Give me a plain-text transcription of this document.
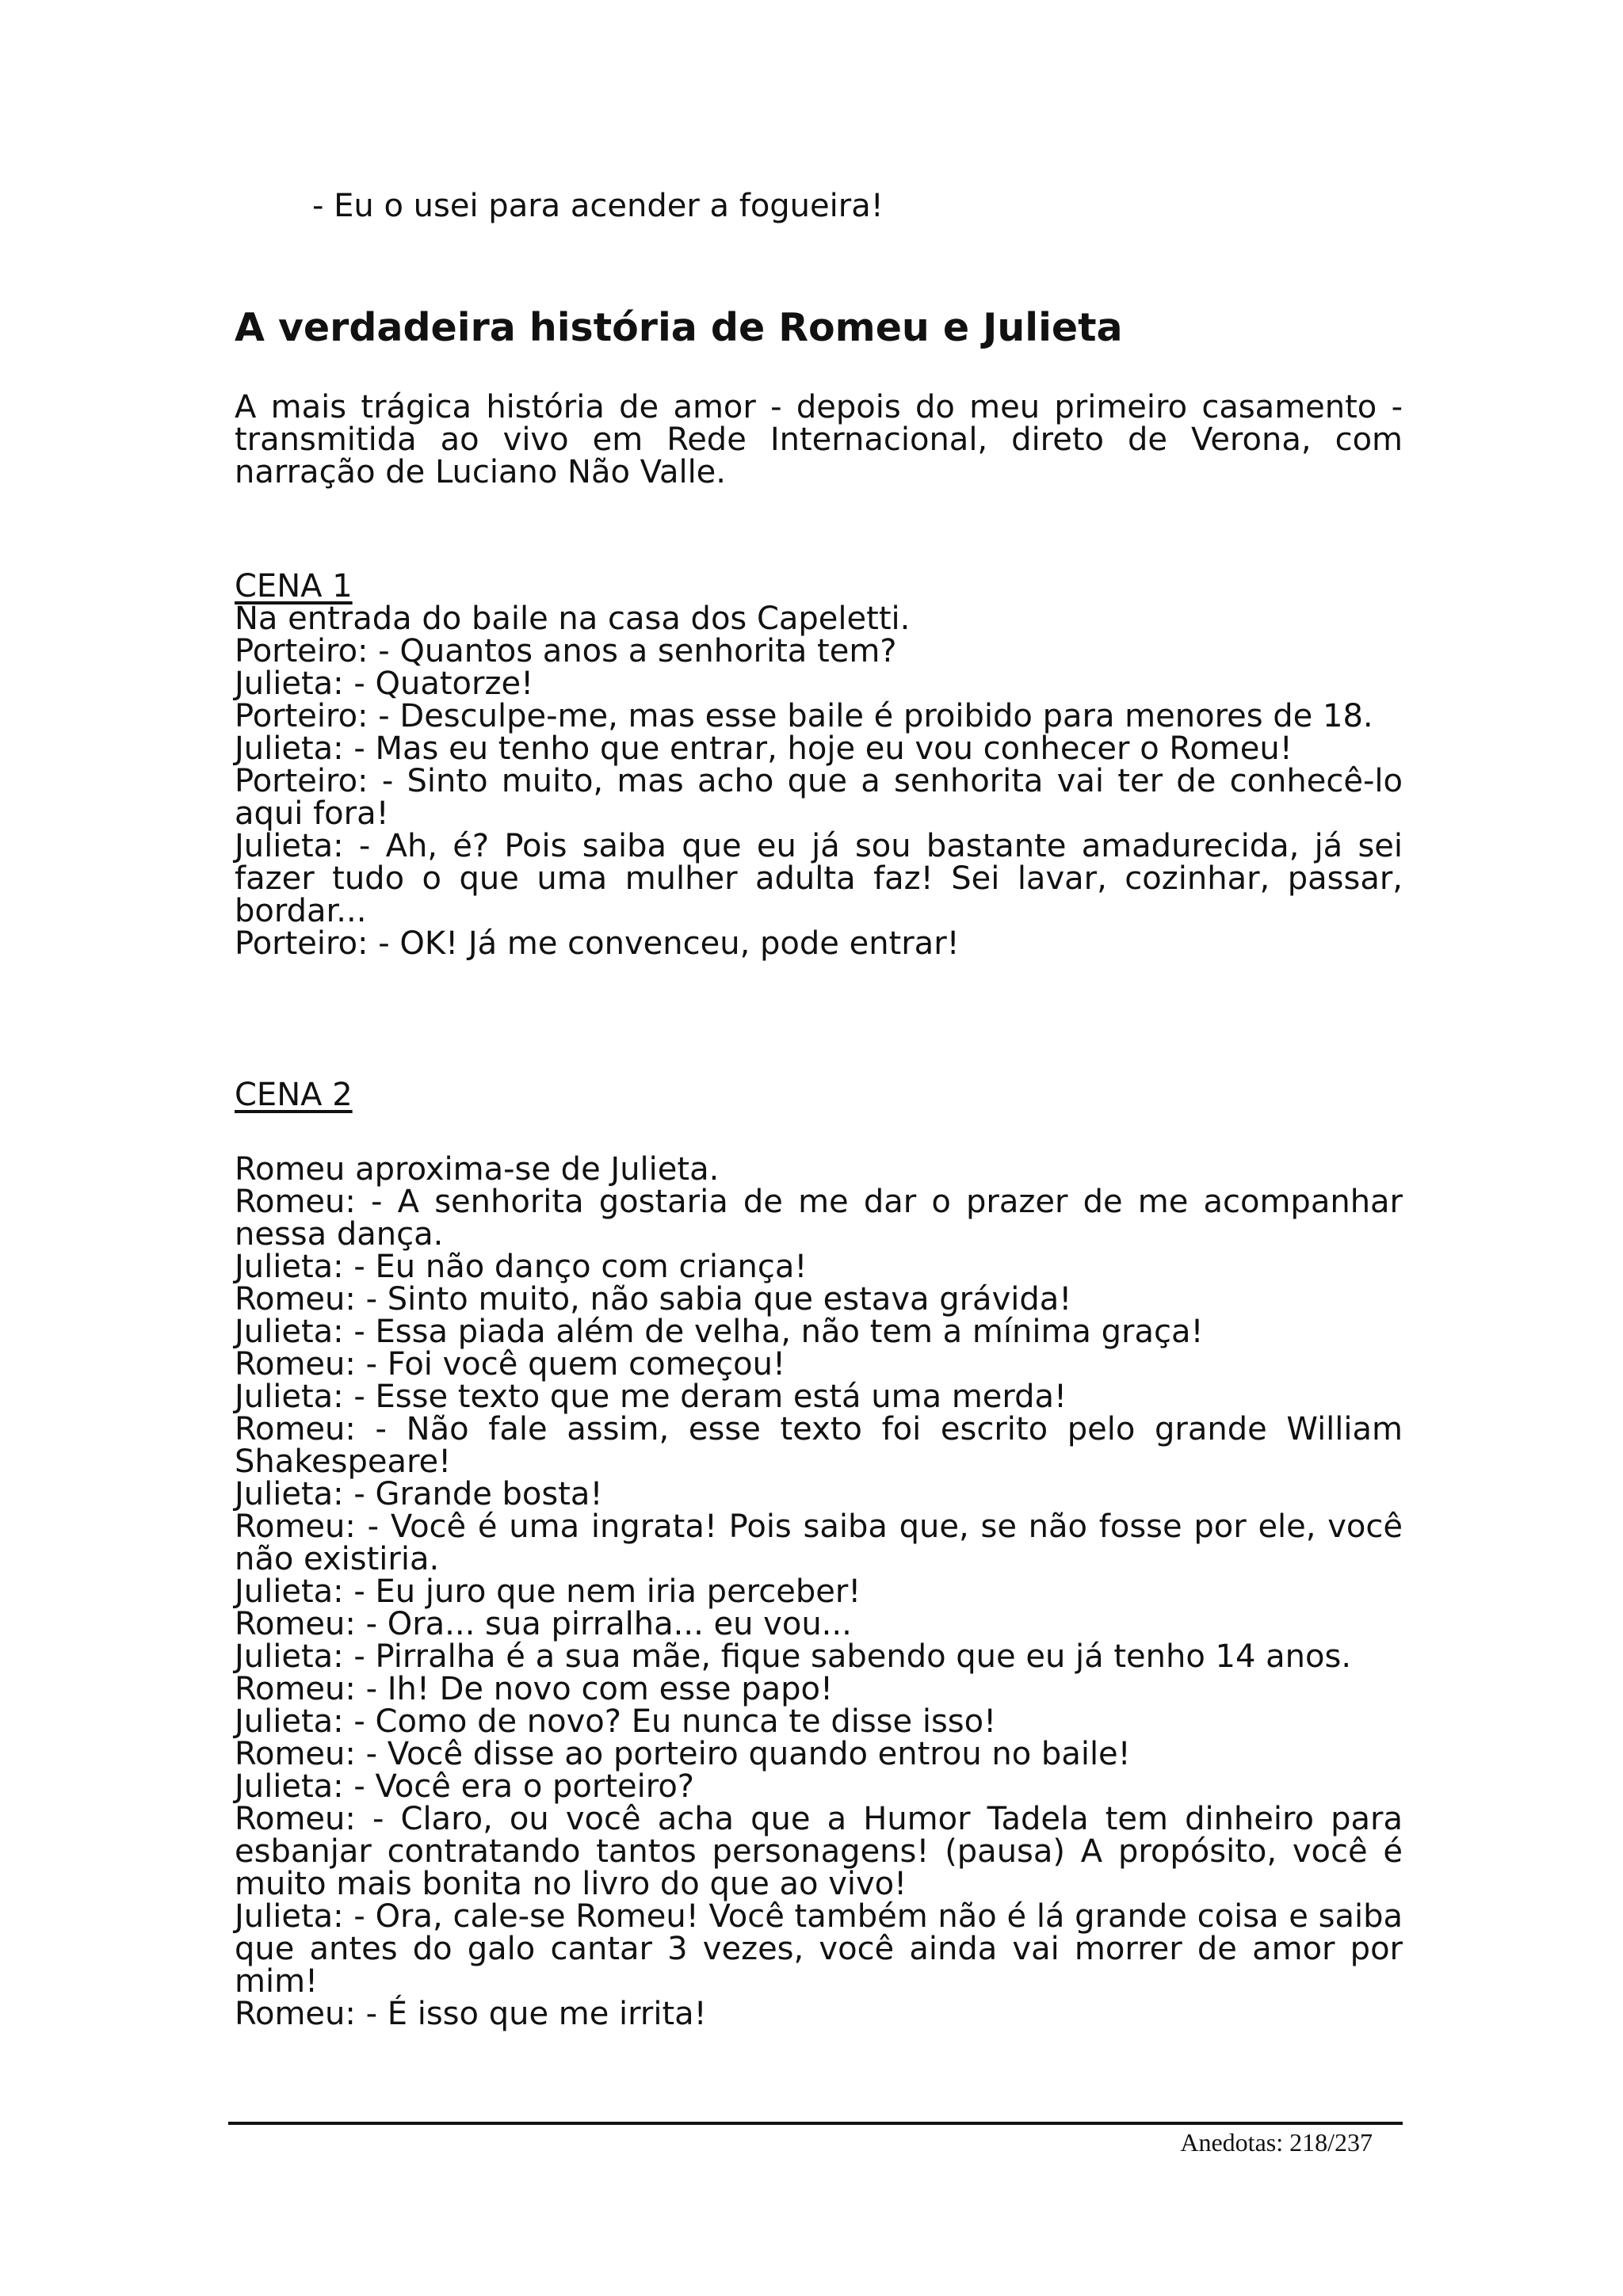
- Eu o usei para acender a fogueira!
A verdadeira história de Romeu e Julieta

A mais trágica história de amor - depois do meu primeiro casamento - transmitida ao vivo em Rede Internacional, direto de Verona, com narração de Luciano Não Valle.

CENA 1
Na entrada do baile na casa dos Capeletti.
Porteiro: - Quantos anos a senhorita tem?
Julieta: - Quatorze!
Porteiro: - Desculpe-me, mas esse baile é proibido para menores de 18.
Julieta: - Mas eu tenho que entrar, hoje eu vou conhecer o Romeu!
Porteiro: - Sinto muito, mas acho que a senhorita vai ter de conhecê-lo aqui fora!
Julieta: - Ah, é? Pois saiba que eu já sou bastante amadurecida, já sei fazer tudo o que uma mulher adulta faz! Sei lavar, cozinhar, passar, bordar...
Porteiro: - OK! Já me convenceu, pode entrar!
CENA 2
Romeu aproxima-se de Julieta.
Romeu: - A senhorita gostaria de me dar o prazer de me acompanhar nessa dança.
Julieta: - Eu não danço com criança!
Romeu: - Sinto muito, não sabia que estava grávida!
Julieta: - Essa piada além de velha, não tem a mínima graça!
Romeu: - Foi você quem começou!
Julieta: - Esse texto que me deram está uma merda!
Romeu: - Não fale assim, esse texto foi escrito pelo grande William Shakespeare!
Julieta: - Grande bosta!
Romeu: - Você é uma ingrata! Pois saiba que, se não fosse por ele, você não existiria.
Julieta: - Eu juro que nem iria perceber!
Romeu: - Ora... sua pirralha... eu vou...
Julieta: - Pirralha é a sua mãe, fique sabendo que eu já tenho 14 anos.
Romeu: - Ih! De novo com esse papo!
Julieta: - Como de novo? Eu nunca te disse isso!
Romeu: - Você disse ao porteiro quando entrou no baile!
Julieta: - Você era o porteiro?
Romeu: - Claro, ou você acha que a Humor Tadela tem dinheiro para esbanjar contratando tantos personagens! (pausa) A propósito, você é muito mais bonita no livro do que ao vivo!
Julieta: - Ora, cale-se Romeu! Você também não é lá grande coisa e saiba que antes do galo cantar 3 vezes, você ainda vai morrer de amor por mim!
Romeu: - É isso que me irrita!
Anedotas: 218/237
